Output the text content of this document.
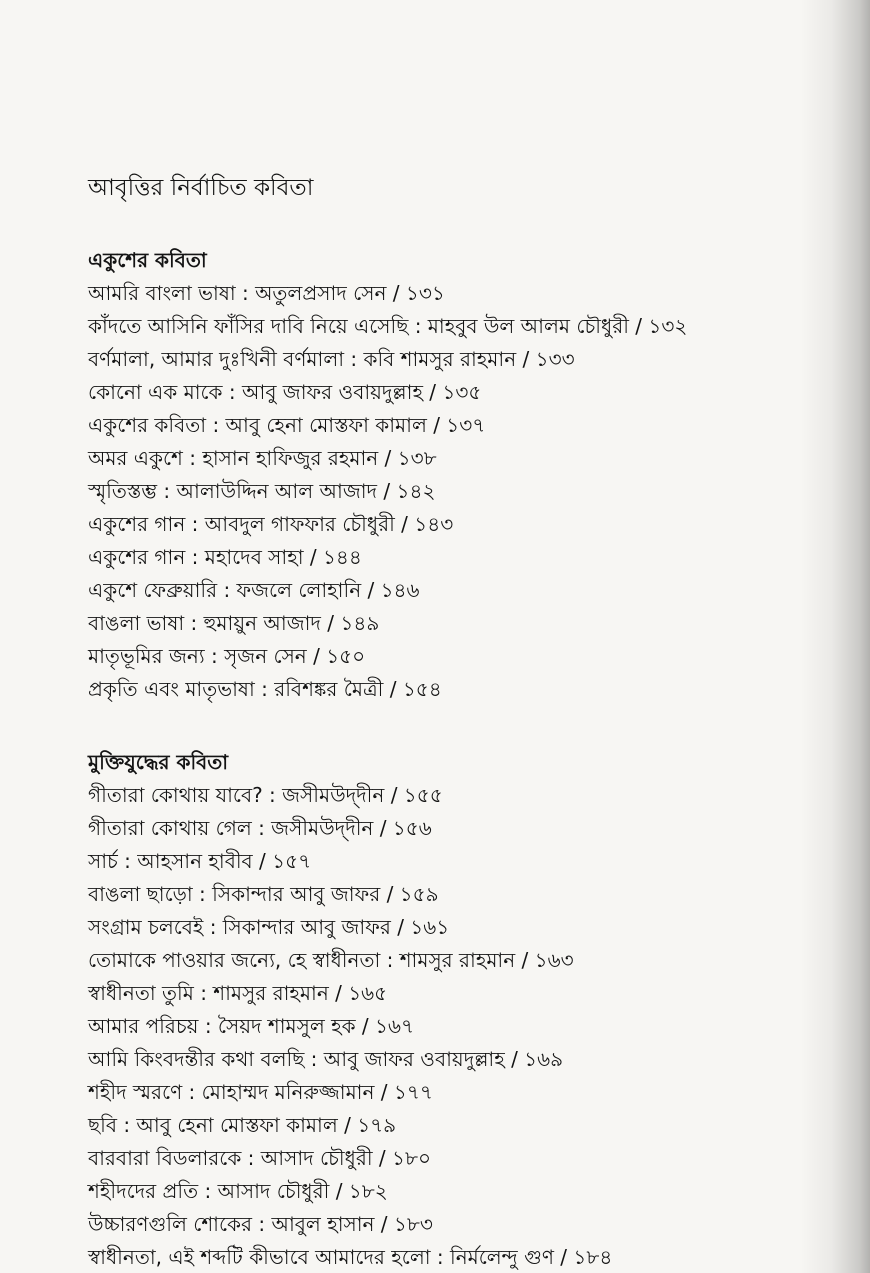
আবৃত্তির নির্বাচিত কবিতা
একুশের কবিতা
আমরি বাংলা ভাষা : অতুলপ্রসাদ সেন / ১৩১
কাঁদতে আসিনি ফাঁসির দাবি নিয়ে এসেছি : মাহবুব উল আলম চৌধুরী / ১৩২
বর্ণমালা, আমার দুঃখিনী বর্ণমালা : কবি শামসুর রাহমান / ১৩৩
কোনো এক মাকে : আবু জাফর ওবায়দুল্লাহ / ১৩৫
একুশের কবিতা : আবু হেনা মোস্তফা কামাল / ১৩৭
অমর একুশে : হাসান হাফিজুর রহমান / ১৩৮
স্মৃতিস্তম্ভ : আলাউদ্দিন আল আজাদ / ১৪২
একুশের গান : আবদুল গাফফার চৌধুরী / ১৪৩
একুশের গান : মহাদেব সাহা / ১৪৪
একুশে ফেব্রুয়ারি : ফজলে লোহানি / ১৪৬
বাঙলা ভাষা : হুমায়ুন আজাদ / ১৪৯
মাতৃভূমির জন্য : সৃজন সেন / ১৫০
প্রকৃতি এবং মাতৃভাষা : রবিশঙ্কর মৈত্রী / ১৫৪
মুক্তিযুদ্ধের কবিতা
গীতারা কোথায় যাবে? : জসীমউদ্‌দীন / ১৫৫
গীতারা কোথায় গেল : জসীমউদ্‌দীন / ১৫৬
সার্চ : আহসান হাবীব / ১৫৭
বাঙলা ছাড়ো : সিকান্দার আবু জাফর / ১৫৯
সংগ্রাম চলবেই : সিকান্দার আবু জাফর / ১৬১
তোমাকে পাওয়ার জন্যে, হে স্বাধীনতা : শামসুর রাহমান / ১৬৩
স্বাধীনতা তুমি : শামসুর রাহমান / ১৬৫
আমার পরিচয় : সৈয়দ শামসুল হক / ১৬৭
আমি কিংবদন্তীর কথা বলছি : আবু জাফর ওবায়দুল্লাহ / ১৬৯
শহীদ স্মরণে : মোহাম্মদ মনিরুজ্জামান / ১৭৭
ছবি : আবু হেনা মোস্তফা কামাল / ১৭৯
বারবারা বিডলারকে : আসাদ চৌধুরী / ১৮০
শহীদদের প্রতি : আসাদ চৌধুরী / ১৮২
উচ্চারণগুলি শোকের : আবুল হাসান / ১৮৩
স্বাধীনতা, এই শব্দটি কীভাবে আমাদের হলো : নির্মলেন্দু গুণ / ১৮৪
